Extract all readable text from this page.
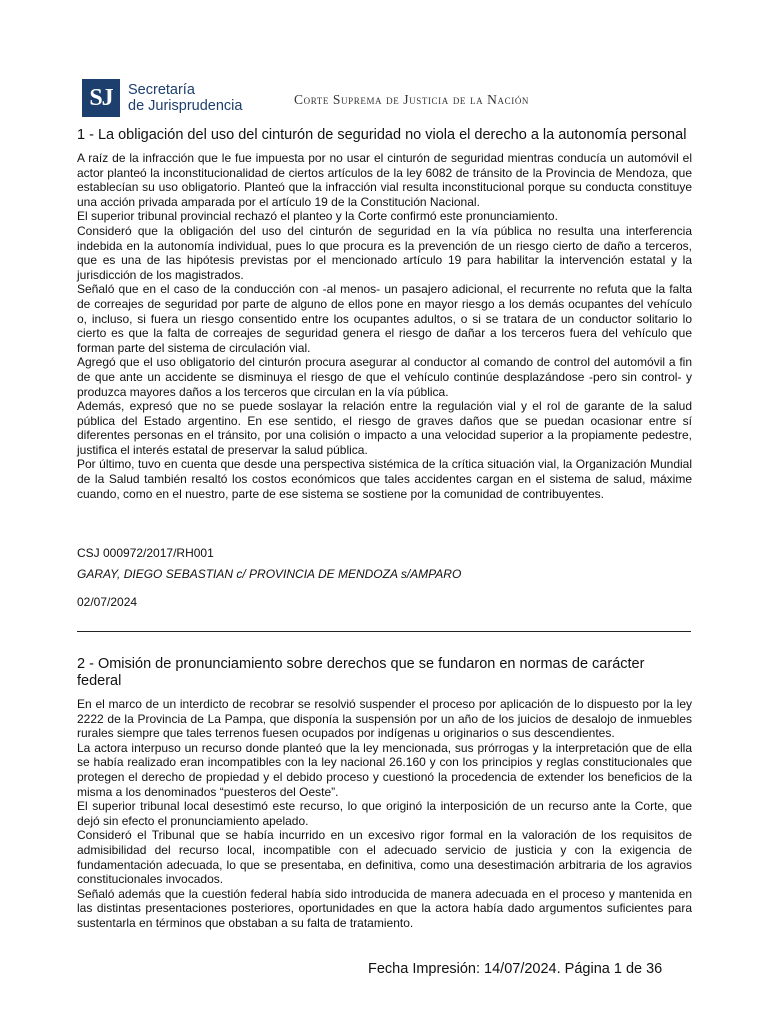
SJ	Secretaría
de Jurisprudencia	Corte Suprema de Justicia de la Nación
1 - La obligación del uso del cinturón de seguridad no viola el derecho a la autonomía personal

A raíz de la infracción que le fue impuesta por no usar el cinturón de seguridad mientras conducía un automóvil el actor planteó la inconstitucionalidad de ciertos artículos de la ley 6082 de tránsito de la Provincia de Mendoza, que establecían su uso obligatorio. Planteó que la infracción vial resulta inconstitucional porque su conducta constituye una acción privada amparada por el artículo 19 de la Constitución Nacional.

El superior tribunal provincial rechazó el planteo y la Corte confirmó este pronunciamiento.

Consideró que la obligación del uso del cinturón de seguridad en la vía pública no resulta una interferencia indebida en la autonomía individual, pues lo que procura es la prevención de un riesgo cierto de daño a terceros, que es una de las hipótesis previstas por el mencionado artículo 19 para habilitar la intervención estatal y la jurisdicción de los magistrados.

Señaló que en el caso de la conducción con -al menos- un pasajero adicional, el recurrente no refuta que la falta de correajes de seguridad por parte de alguno de ellos pone en mayor riesgo a los demás ocupantes del vehículo o, incluso, si fuera un riesgo consentido entre los ocupantes adultos, o si se tratara de un conductor solitario lo cierto es que la falta de correajes de seguridad genera el riesgo de dañar a los terceros fuera del vehículo que forman parte del sistema de circulación vial.

Agregó que el uso obligatorio del cinturón procura asegurar al conductor al comando de control del automóvil a fin de que ante un accidente se disminuya el riesgo de que el vehículo continúe desplazándose -pero sin control- y produzca mayores daños a los terceros que circulan en la vía pública.

Además, expresó que no se puede soslayar la relación entre la regulación vial y el rol de garante de la salud pública del Estado argentino. En ese sentido, el riesgo de graves daños que se puedan ocasionar entre sí diferentes personas en el tránsito, por una colisión o impacto a una velocidad superior a la propiamente pedestre, justifica el interés estatal de preservar la salud pública.

Por último, tuvo en cuenta que desde una perspectiva sistémica de la crítica situación vial, la Organización Mundial de la Salud también resaltó los costos económicos que tales accidentes cargan en el sistema de salud, máxime cuando, como en el nuestro, parte de ese sistema se sostiene por la comunidad de contribuyentes.

CSJ 000972/2017/RH001
GARAY, DIEGO SEBASTIAN c/ PROVINCIA DE MENDOZA s/AMPARO
02/07/2024
2 - Omisión de pronunciamiento sobre derechos que se fundaron en normas de carácter federal

En el marco de un interdicto de recobrar se resolvió suspender el proceso por aplicación de lo dispuesto por la ley 2222 de la Provincia de La Pampa, que disponía la suspensión por un año de los juicios de desalojo de inmuebles rurales siempre que tales terrenos fuesen ocupados por indígenas u originarios o sus descendientes.

La actora interpuso un recurso donde planteó que la ley mencionada, sus prórrogas y la interpretación que de ella se había realizado eran incompatibles con la ley nacional 26.160 y con los principios y reglas constitucionales que protegen el derecho de propiedad y el debido proceso y cuestionó la procedencia de extender los beneficios de la misma a los denominados “puesteros del Oeste”.

El superior tribunal local desestimó este recurso, lo que originó la interposición de un recurso ante la Corte, que dejó sin efecto el pronunciamiento apelado.

Consideró el Tribunal que se había incurrido en un excesivo rigor formal en la valoración de los requisitos de admisibilidad del recurso local, incompatible con el adecuado servicio de justicia y con la exigencia de fundamentación adecuada, lo que se presentaba, en definitiva, como una desestimación arbitraria de los agravios constitucionales invocados.

Señaló además que la cuestión federal había sido introducida de manera adecuada en el proceso y mantenida en las distintas presentaciones posteriores, oportunidades en que la actora había dado argumentos suficientes para sustentarla en términos que obstaban a su falta de tratamiento.

Fecha Impresión: 14/07/2024. Página 1 de 36
